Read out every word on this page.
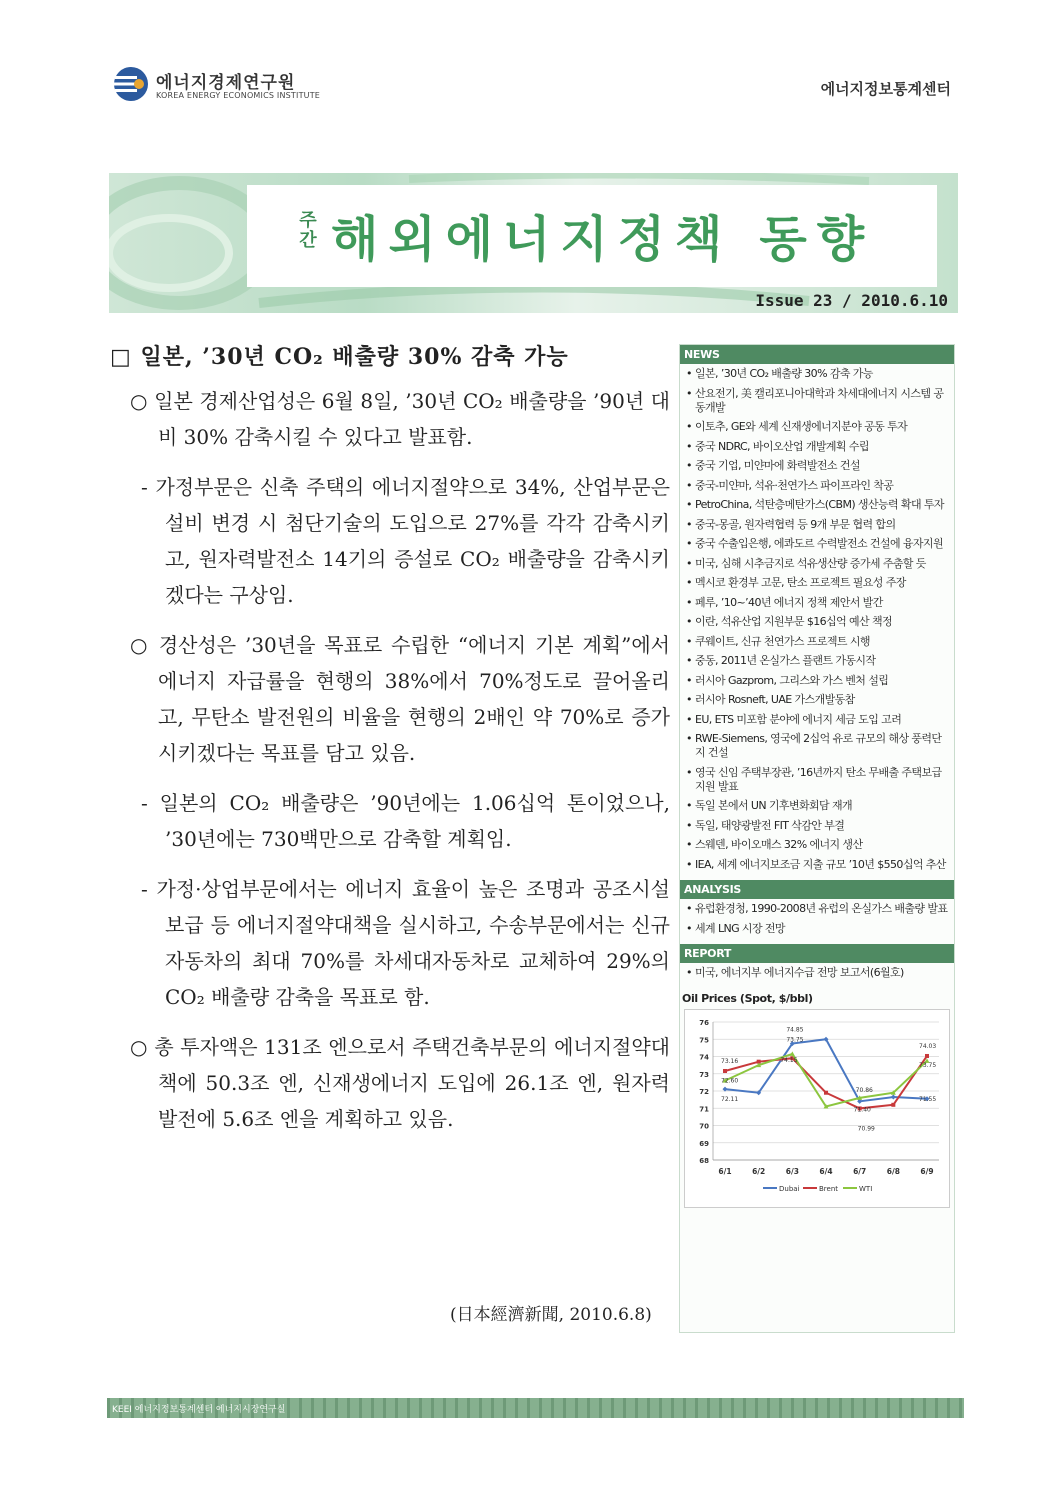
에너지경제연구원
KOREA ENERGY ECONOMICS INSTITUTE	에너지정보통계센터
주
간 해외에너지정책 동향
Issue 23 / 2010.6.10
□ 일본, ’30년 CO₂ 배출량 30% 감축 가능

○ 일본 경제산업성은 6월 8일, ’30년 CO₂ 배출량을 ’90년 대비 30% 감축시킬 수 있다고 발표함.

- 가정부문은 신축 주택의 에너지절약으로 34%, 산업부문은 설비 변경 시 첨단기술의 도입으로 27%를 각각 감축시키고, 원자력발전소 14기의 증설로 CO₂ 배출량을 감축시키겠다는 구상임.

○ 경산성은 ’30년을 목표로 수립한 “에너지 기본 계획”에서 에너지 자급률을 현행의 38%에서 70%정도로 끌어올리고, 무탄소 발전원의 비율을 현행의 2배인 약 70%로 증가시키겠다는 목표를 담고 있음.

- 일본의 CO₂ 배출량은 ’90년에는 1.06십억 톤이었으나, ’30년에는 730백만으로 감축할 계획임.

- 가정·상업부문에서는 에너지 효율이 높은 조명과 공조시설 보급 등 에너지절약대책을 실시하고, 수송부문에서는 신규 자동차의 최대 70%를 차세대자동차로 교체하여 29%의 CO₂ 배출량 감축을 목표로 함.

○ 총 투자액은 131조 엔으로서 주택건축부문의 에너지절약대책에 50.3조 엔, 신재생에너지 도입에 26.1조 엔, 원자력발전에 5.6조 엔을 계획하고 있음.

(日本經濟新聞, 2010.6.8)
NEWS
• 일본, ’30년 CO₂ 배출량 30% 감축 가능
• 산요전기, 美 캘리포니아대학과 차세대에너지 시스템 공동개발
• 이토추, GE와 세계 신재생에너지분야 공동 투자
• 중국 NDRC, 바이오산업 개발계획 수립
• 중국 기업, 미얀마에 화력발전소 건설
• 중국-미얀마, 석유·천연가스 파이프라인 착공
• PetroChina, 석탄층메탄가스(CBM) 생산능력 확대 투자
• 중국-몽골, 원자력협력 등 9개 부문 협력 합의
• 중국 수출입은행, 에콰도르 수력발전소 건설에 융자지원
• 미국, 심해 시추금지로 석유생산량 증가세 주춤할 듯
• 멕시코 환경부 고문, 탄소 프로젝트 필요성 주장
• 페루, ’10~’40년 에너지 정책 제안서 발간
• 이란, 석유산업 지원부문 $16십억 예산 책정
• 쿠웨이트, 신규 천연가스 프로젝트 시행
• 중동, 2011년 온실가스 플랜트 가동시작
• 러시아 Gazprom, 그리스와 가스 벤처 설립
• 러시아 Rosneft, UAE 가스개발동참
• EU, ETS 미포함 분야에 에너지 세금 도입 고려
• RWE-Siemens, 영국에 2십억 유로 규모의 해상 풍력단지 건설
• 영국 신임 주택부장관, ’16년까지 탄소 무배출 주택보급 지원 발표
• 독일 본에서 UN 기후변화회담 재개
• 독일, 태양광발전 FIT 삭감안 부결
• 스웨덴, 바이오매스 32% 에너지 생산
• IEA, 세계 에너지보조금 지출 규모 ’10년 $550십억 추산
ANALYSIS
• 유럽환경청, 1990-2008년 유럽의 온실가스 배출량 발표
• 세계 LNG 시장 전망
REPORT
• 미국, 에너지부 에너지수급 전망 보고서(6월호)
Oil Prices (Spot, $/bbl)
68
69
70
71
72
73
74
75
76
6/1	6/2	6/3	6/4	6/7	6/8	6/9
73.16
72.60
72.11
74.85
73.75
74.15
70.86
71.40
70.99
74.03
73.75
71.55
Dubai	Brent	WTI
KEEI 에너지정보통계센터 에너지시장연구실
